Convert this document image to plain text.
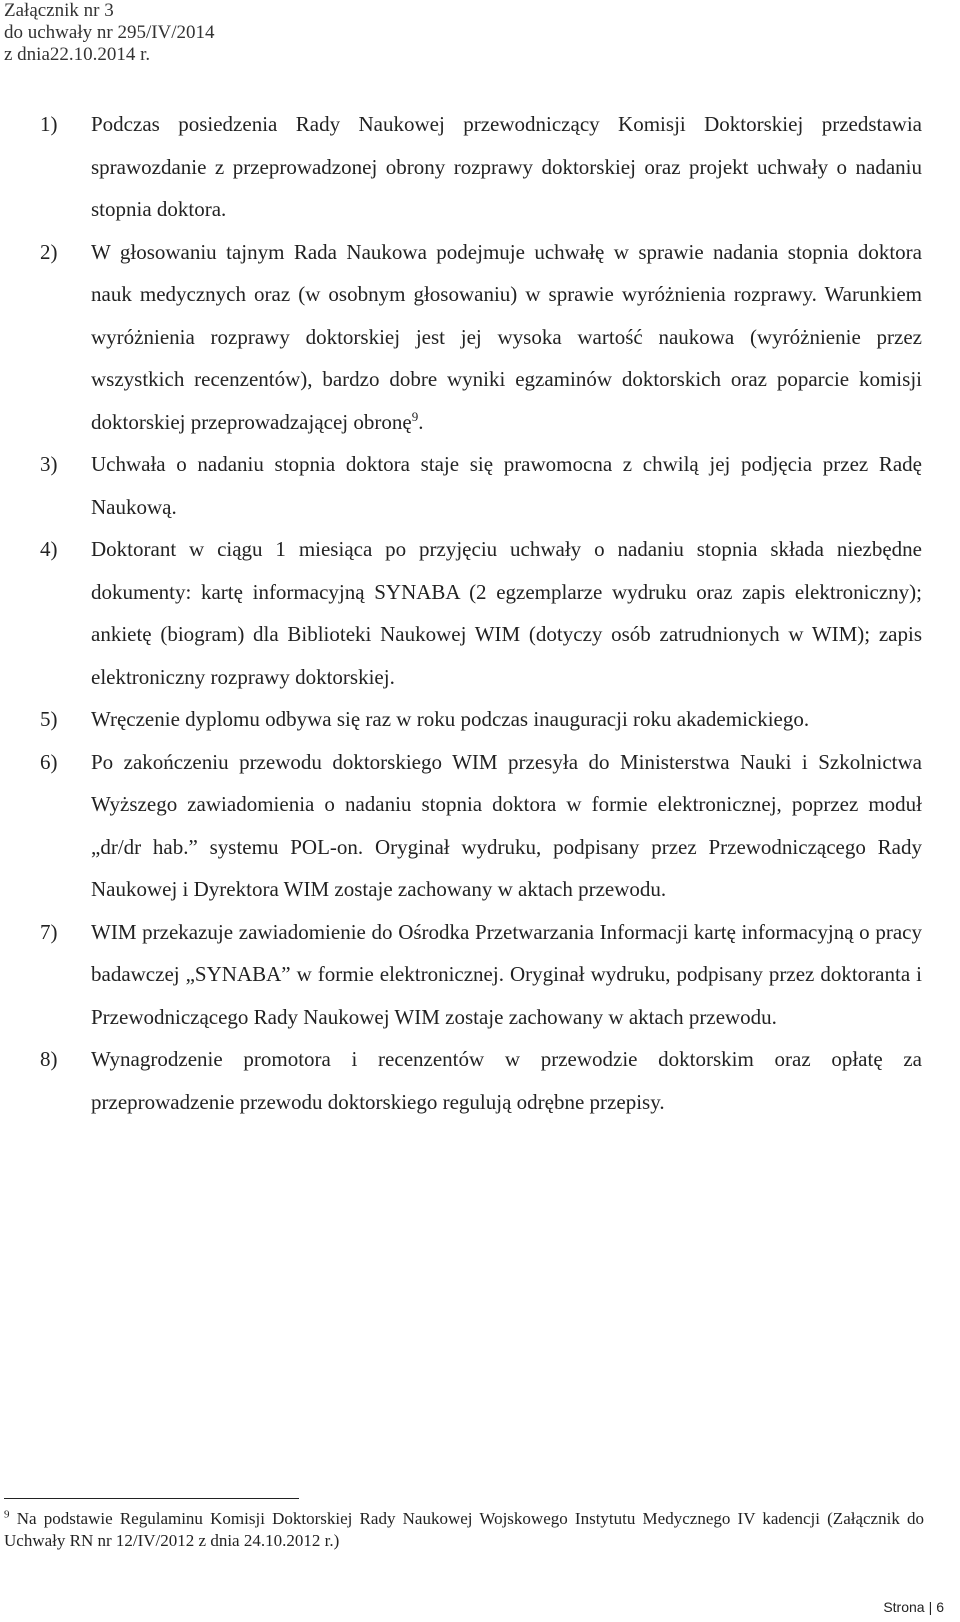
Załącznik nr 3
do uchwały nr 295/IV/2014
z dnia22.10.2014 r.
1)	Podczas posiedzenia Rady Naukowej przewodniczący Komisji Doktorskiej przedstawia sprawozdanie z przeprowadzonej obrony rozprawy doktorskiej oraz projekt uchwały o nadaniu stopnia doktora.
2)	W głosowaniu tajnym Rada Naukowa podejmuje uchwałę w sprawie nadania stopnia doktora nauk medycznych oraz (w osobnym głosowaniu) w sprawie wyróżnienia rozprawy. Warunkiem wyróżnienia rozprawy doktorskiej jest jej wysoka wartość naukowa (wyróżnienie przez wszystkich recenzentów), bardzo dobre wyniki egzaminów doktorskich oraz poparcie komisji doktorskiej przeprowadzającej obronę$^9$.
3)	Uchwała o nadaniu stopnia doktora staje się prawomocna z chwilą jej podjęcia przez Radę Naukową.
4)	Doktorant w ciągu 1 miesiąca po przyjęciu uchwały o nadaniu stopnia składa niezbędne dokumenty: kartę informacyjną SYNABA (2 egzemplarze wydruku oraz zapis elektroniczny); ankietę (biogram) dla Biblioteki Naukowej WIM (dotyczy osób zatrudnionych w WIM); zapis elektroniczny rozprawy doktorskiej.
5)	Wręczenie dyplomu odbywa się raz w roku podczas inauguracji roku akademickiego.
6)	Po zakończeniu przewodu doktorskiego WIM przesyła do Ministerstwa Nauki i Szkolnictwa Wyższego zawiadomienia o nadaniu stopnia doktora w formie elektronicznej, poprzez moduł „dr/dr hab.” systemu POL-on. Oryginał wydruku, podpisany przez Przewodniczącego Rady Naukowej i Dyrektora WIM zostaje zachowany w aktach przewodu.
7)	WIM przekazuje zawiadomienie do Ośrodka Przetwarzania Informacji kartę informacyjną o pracy badawczej „SYNABA” w formie elektronicznej. Oryginał wydruku, podpisany przez doktoranta i Przewodniczącego Rady Naukowej WIM zostaje zachowany w aktach przewodu.
8)	Wynagrodzenie promotora i recenzentów w przewodzie doktorskim oraz opłatę za przeprowadzenie przewodu doktorskiego regulują odrębne przepisy.
$^9$ Na podstawie Regulaminu Komisji Doktorskiej Rady Naukowej Wojskowego Instytutu Medycznego IV kadencji (Załącznik do Uchwały RN nr 12/IV/2012 z dnia 24.10.2012 r.)
Strona | 6
